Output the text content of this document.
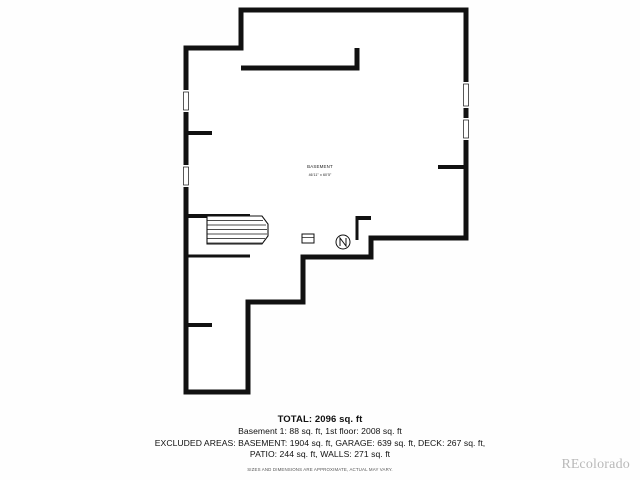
BASEMENT
46'11" x 60'5"
TOTAL: 2096 sq. ft
Basement 1: 88 sq. ft, 1st floor: 2008 sq. ft
EXCLUDED AREAS: BASEMENT: 1904 sq. ft, GARAGE: 639 sq. ft, DECK: 267 sq. ft,
PATIO: 244 sq. ft, WALLS: 271 sq. ft
SIZES AND DIMENSIONS ARE APPROXIMATE, ACTUAL MAY VARY.	REcolorado
